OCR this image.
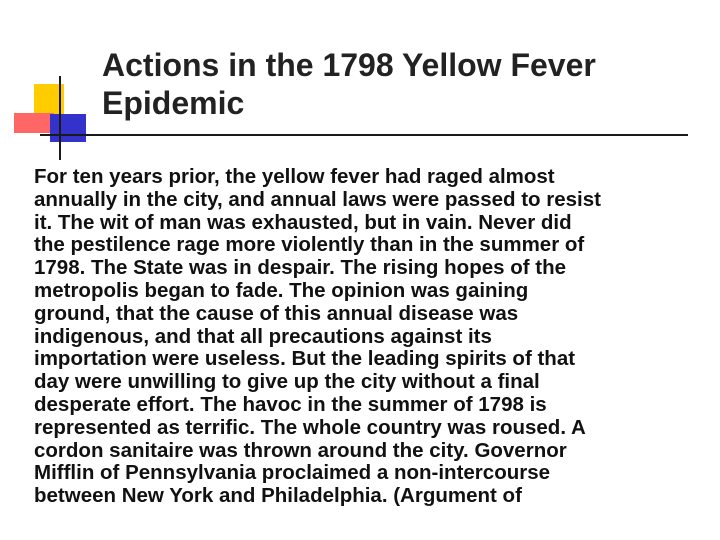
Actions in the 1798 Yellow Fever
Epidemic

For ten years prior, the yellow fever had raged almost
annually in the city, and annual laws were passed to resist
it. The wit of man was exhausted, but in vain. Never did
the pestilence rage more violently than in the summer of
1798. The State was in despair. The rising hopes of the
metropolis began to fade. The opinion was gaining
ground, that the cause of this annual disease was
indigenous, and that all precautions against its
importation were useless. But the leading spirits of that
day were unwilling to give up the city without a final
desperate effort. The havoc in the summer of 1798 is
represented as terrific. The whole country was roused. A
cordon sanitaire was thrown around the city. Governor
Mifflin of Pennsylvania proclaimed a non-intercourse
between New York and Philadelphia. (Argument of
